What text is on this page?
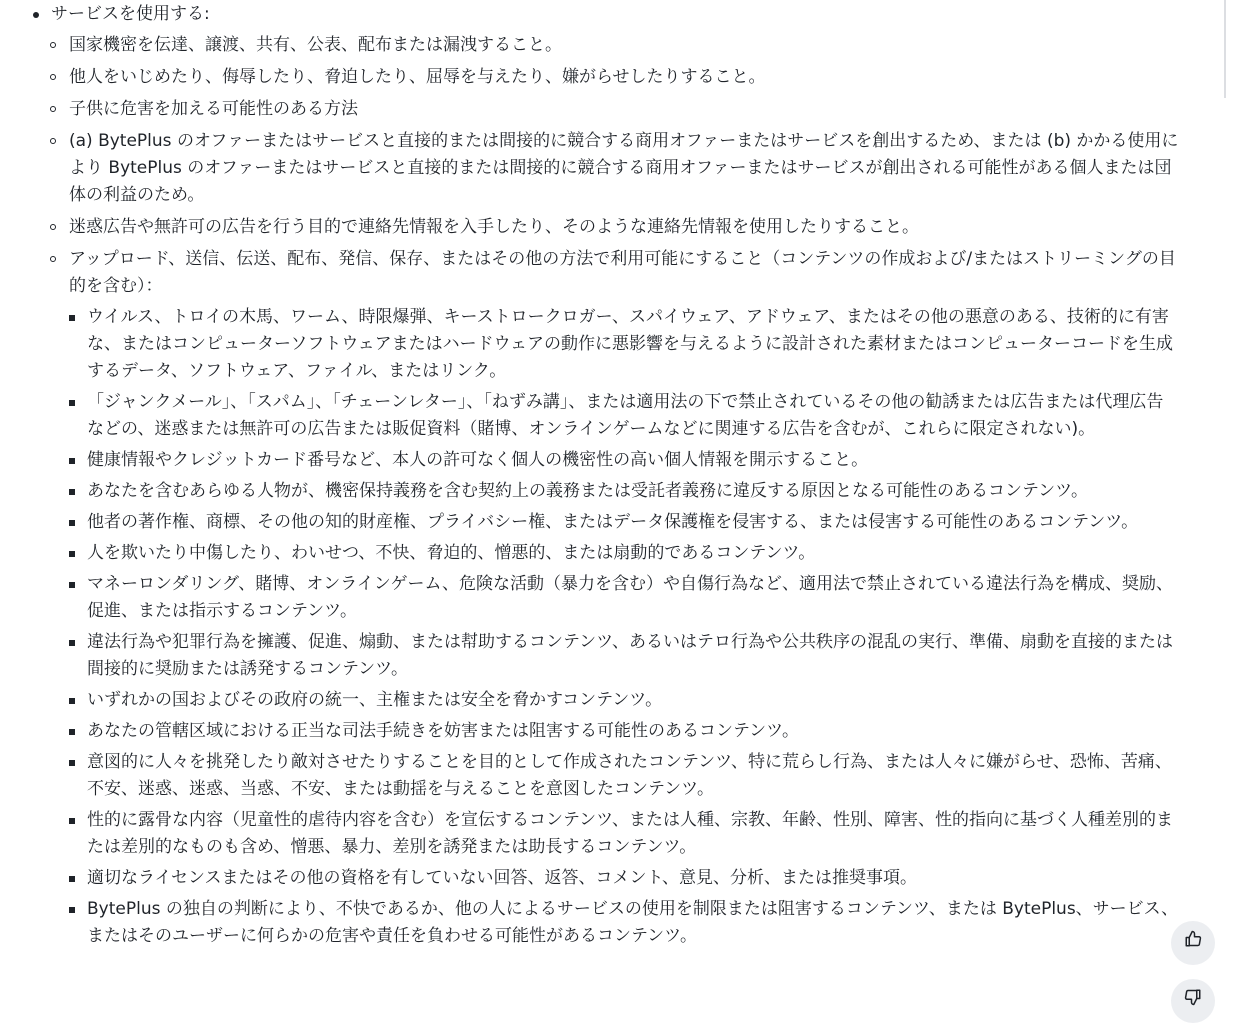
サービスを使用する:
国家機密を伝達、譲渡、共有、公表、配布または漏洩すること。
他人をいじめたり、侮辱したり、脅迫したり、屈辱を与えたり、嫌がらせしたりすること。
子供に危害を加える可能性のある方法
(a) BytePlus のオファーまたはサービスと直接的または間接的に競合する商用オファーまたはサービスを創出するため、または (b) かかる使用により BytePlus のオファーまたはサービスと直接的または間接的に競合する商用オファーまたはサービスが創出される可能性がある個人または団体の利益のため。
迷惑広告や無許可の広告を行う目的で連絡先情報を入手したり、そのような連絡先情報を使用したりすること。
アップロード、送信、伝送、配布、発信、保存、またはその他の方法で利用可能にすること（コンテンツの作成および/またはストリーミングの目的を含む）：
ウイルス、トロイの木馬、ワーム、時限爆弾、キーストロークロガー、スパイウェア、アドウェア、またはその他の悪意のある、技術的に有害な、またはコンピューターソフトウェアまたはハードウェアの動作に悪影響を与えるように設計された素材またはコンピューターコードを生成するデータ、ソフトウェア、ファイル、またはリンク。
「ジャンクメール」、「スパム」、「チェーンレター」、「ねずみ講」、または適用法の下で禁止されているその他の勧誘または広告または代理広告などの、迷惑または無許可の広告または販促資料（賭博、オンラインゲームなどに関連する広告を含むが、これらに限定されない)。
健康情報やクレジットカード番号など、本人の許可なく個人の機密性の高い個人情報を開示すること。
あなたを含むあらゆる人物が、機密保持義務を含む契約上の義務または受託者義務に違反する原因となる可能性のあるコンテンツ。
他者の著作権、商標、その他の知的財産権、プライバシー権、またはデータ保護権を侵害する、または侵害する可能性のあるコンテンツ。
人を欺いたり中傷したり、わいせつ、不快、脅迫的、憎悪的、または扇動的であるコンテンツ。
マネーロンダリング、賭博、オンラインゲーム、危険な活動（暴力を含む）や自傷行為など、適用法で禁止されている違法行為を構成、奨励、促進、または指示するコンテンツ。
違法行為や犯罪行為を擁護、促進、煽動、または幇助するコンテンツ、あるいはテロ行為や公共秩序の混乱の実行、準備、扇動を直接的または間接的に奨励または誘発するコンテンツ。
いずれかの国およびその政府の統一、主権または安全を脅かすコンテンツ。
あなたの管轄区域における正当な司法手続きを妨害または阻害する可能性のあるコンテンツ。
意図的に人々を挑発したり敵対させたりすることを目的として作成されたコンテンツ、特に荒らし行為、または人々に嫌がらせ、恐怖、苦痛、不安、迷惑、迷惑、当惑、不安、または動揺を与えることを意図したコンテンツ。
性的に露骨な内容（児童性的虐待内容を含む）を宣伝するコンテンツ、または人種、宗教、年齢、性別、障害、性的指向に基づく人種差別的または差別的なものも含め、憎悪、暴力、差別を誘発または助長するコンテンツ。
適切なライセンスまたはその他の資格を有していない回答、返答、コメント、意見、分析、または推奨事項。
BytePlus の独自の判断により、不快であるか、他の人によるサービスの使用を制限または阻害するコンテンツ、または BytePlus、サービス、またはそのユーザーに何らかの危害や責任を負わせる可能性があるコンテンツ。
